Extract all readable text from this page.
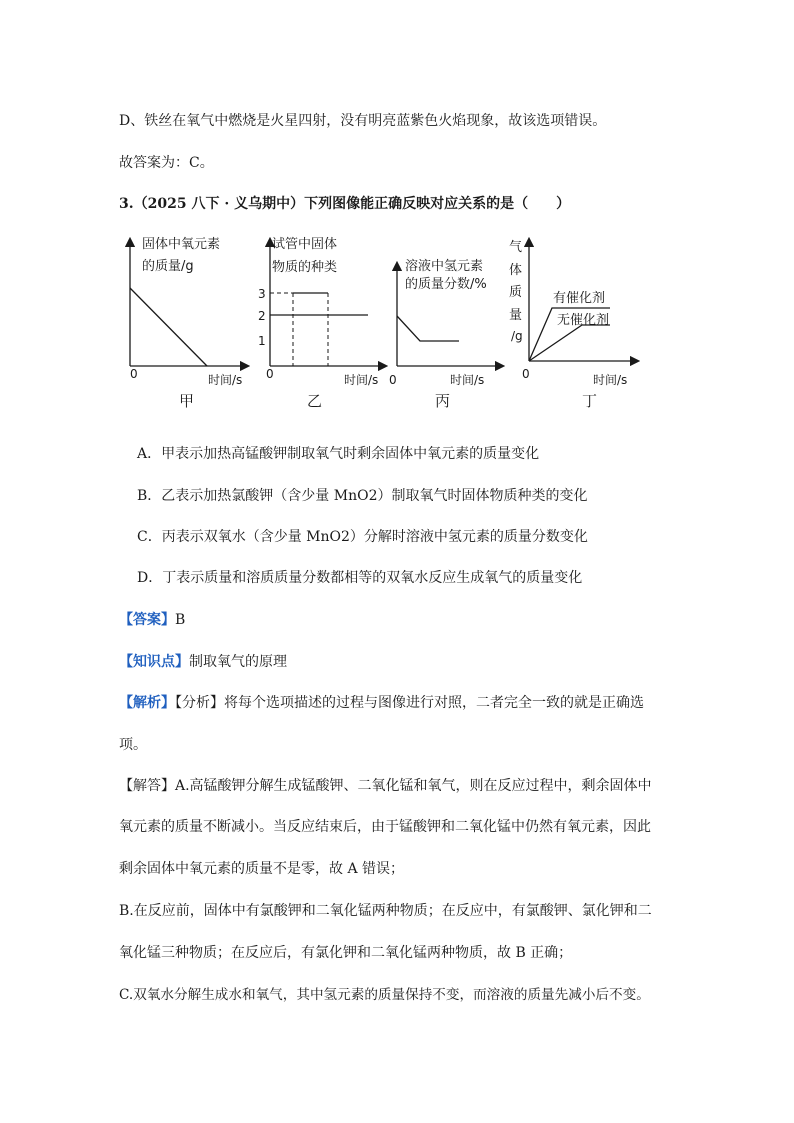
D、铁丝在氧气中燃烧是火星四射，没有明亮蓝紫色火焰现象，故该选项错误。
故答案为：C。
3.（2025 八下 · 义乌期中）下列图像能正确反映对应关系的是（　　）
固体中氧元素
的质量/g
0	时间/s
甲
3
2
1
试管中固体
物质的种类
0	时间/s
乙
溶液中氢元素
的质量分数/%
0	时间/s
丙
气
体
质
量
/g
有催化剂
无催化剂
0	时间/s
丁
A．甲表示加热高锰酸钾制取氧气时剩余固体中氧元素的质量变化
B．乙表示加热氯酸钾（含少量 MnO2）制取氧气时固体物质种类的变化
C．丙表示双氧水（含少量 MnO2）分解时溶液中氢元素的质量分数变化
D．丁表示质量和溶质质量分数都相等的双氧水反应生成氧气的质量变化
【答案】B
【知识点】制取氧气的原理
【解析】【分析】将每个选项描述的过程与图像进行对照，二者完全一致的就是正确选
项。
【解答】A.高锰酸钾分解生成锰酸钾、二氧化锰和氧气，则在反应过程中，剩余固体中
氧元素的质量不断减小。当反应结束后，由于锰酸钾和二氧化锰中仍然有氧元素，因此
剩余固体中氧元素的质量不是零，故 A 错误；
B.在反应前，固体中有氯酸钾和二氧化锰两种物质；在反应中，有氯酸钾、氯化钾和二
氧化锰三种物质；在反应后，有氯化钾和二氧化锰两种物质，故 B 正确；
C.双氧水分解生成水和氧气，其中氢元素的质量保持不变，而溶液的质量先减小后不变。
